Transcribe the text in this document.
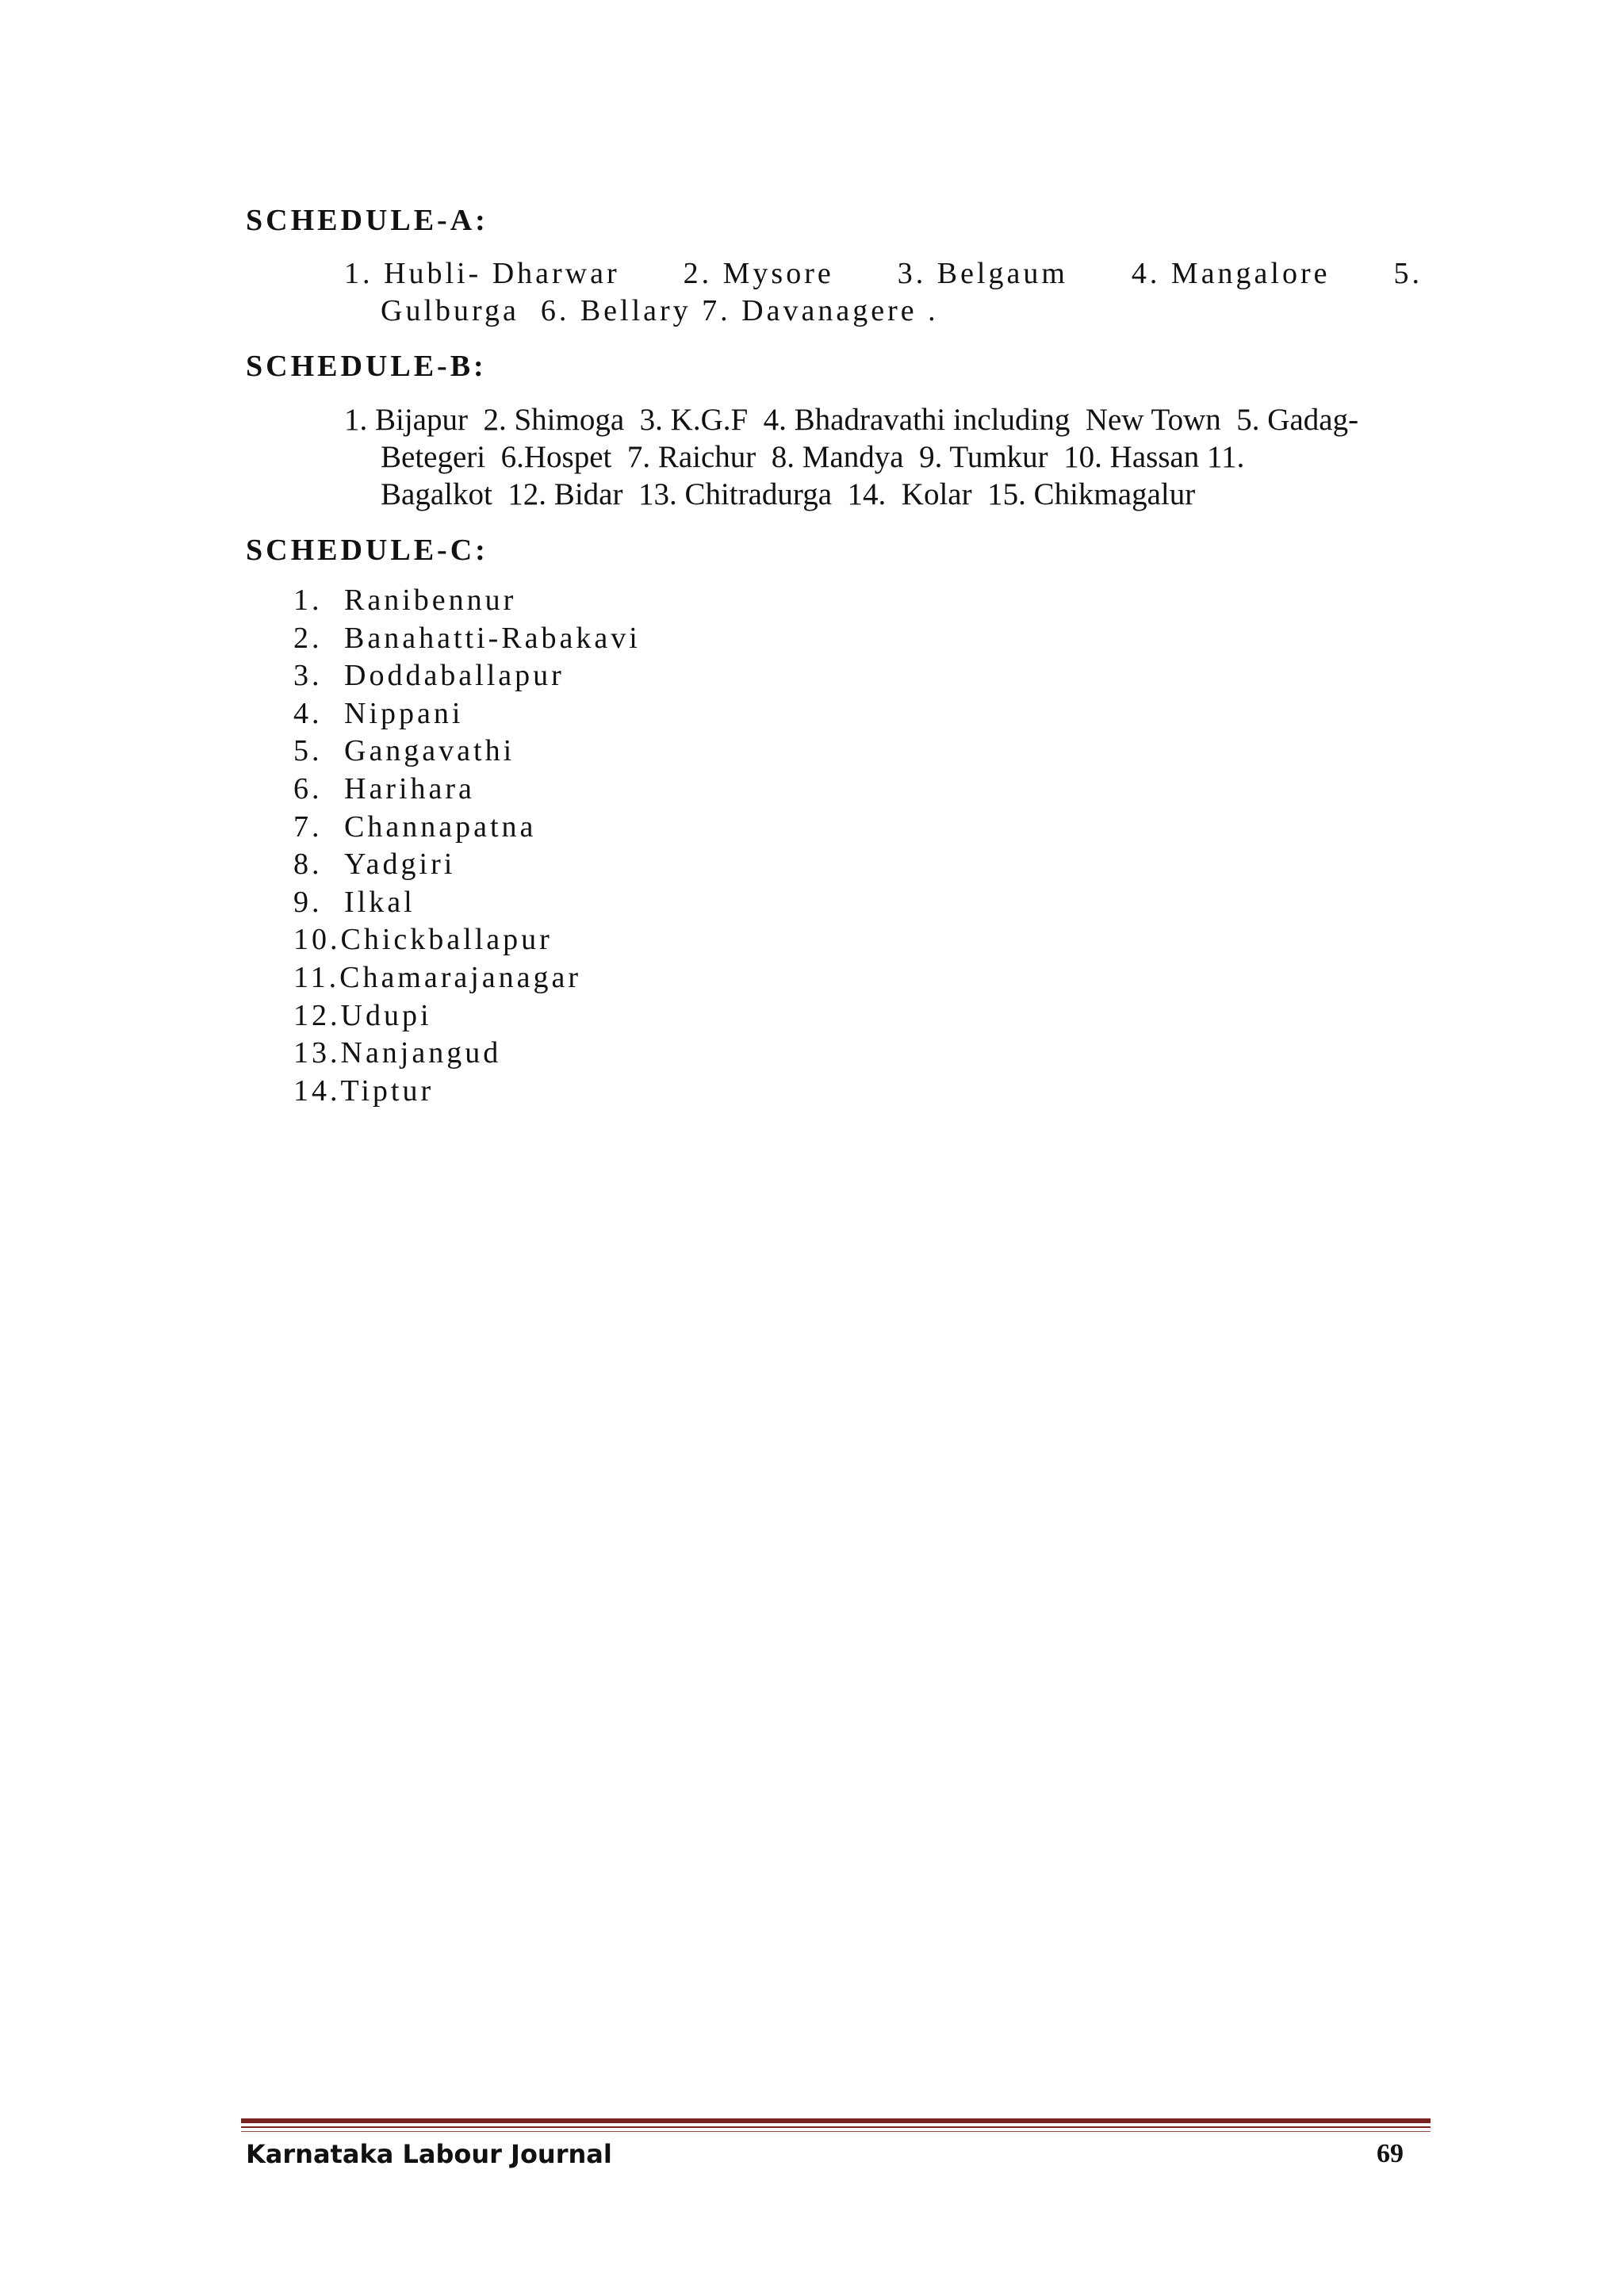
SCHEDULE-A:
1. Hubli- Dharwar 2. Mysore 3. Belgaum 4. Mangalore 5.
Gulburga  6. Bellary 7. Davanagere .
SCHEDULE-B:
1. Bijapur  2. Shimoga  3. K.G.F  4. Bhadravathi including  New Town  5. Gadag-
Betegeri  6.Hospet  7. Raichur  8. Mandya  9. Tumkur  10. Hassan 11.
Bagalkot  12. Bidar  13. Chitradurga  14.  Kolar  15. Chikmagalur
SCHEDULE-C:
1. Ranibennur
2. Banahatti-Rabakavi
3. Doddaballapur
4. Nippani
5. Gangavathi
6. Harihara
7. Channapatna
8. Yadgiri
9. Ilkal
10.Chickballapur
11.Chamarajanagar
12.Udupi
13.Nanjangud
14.Tiptur
Karnataka Labour Journal	69
